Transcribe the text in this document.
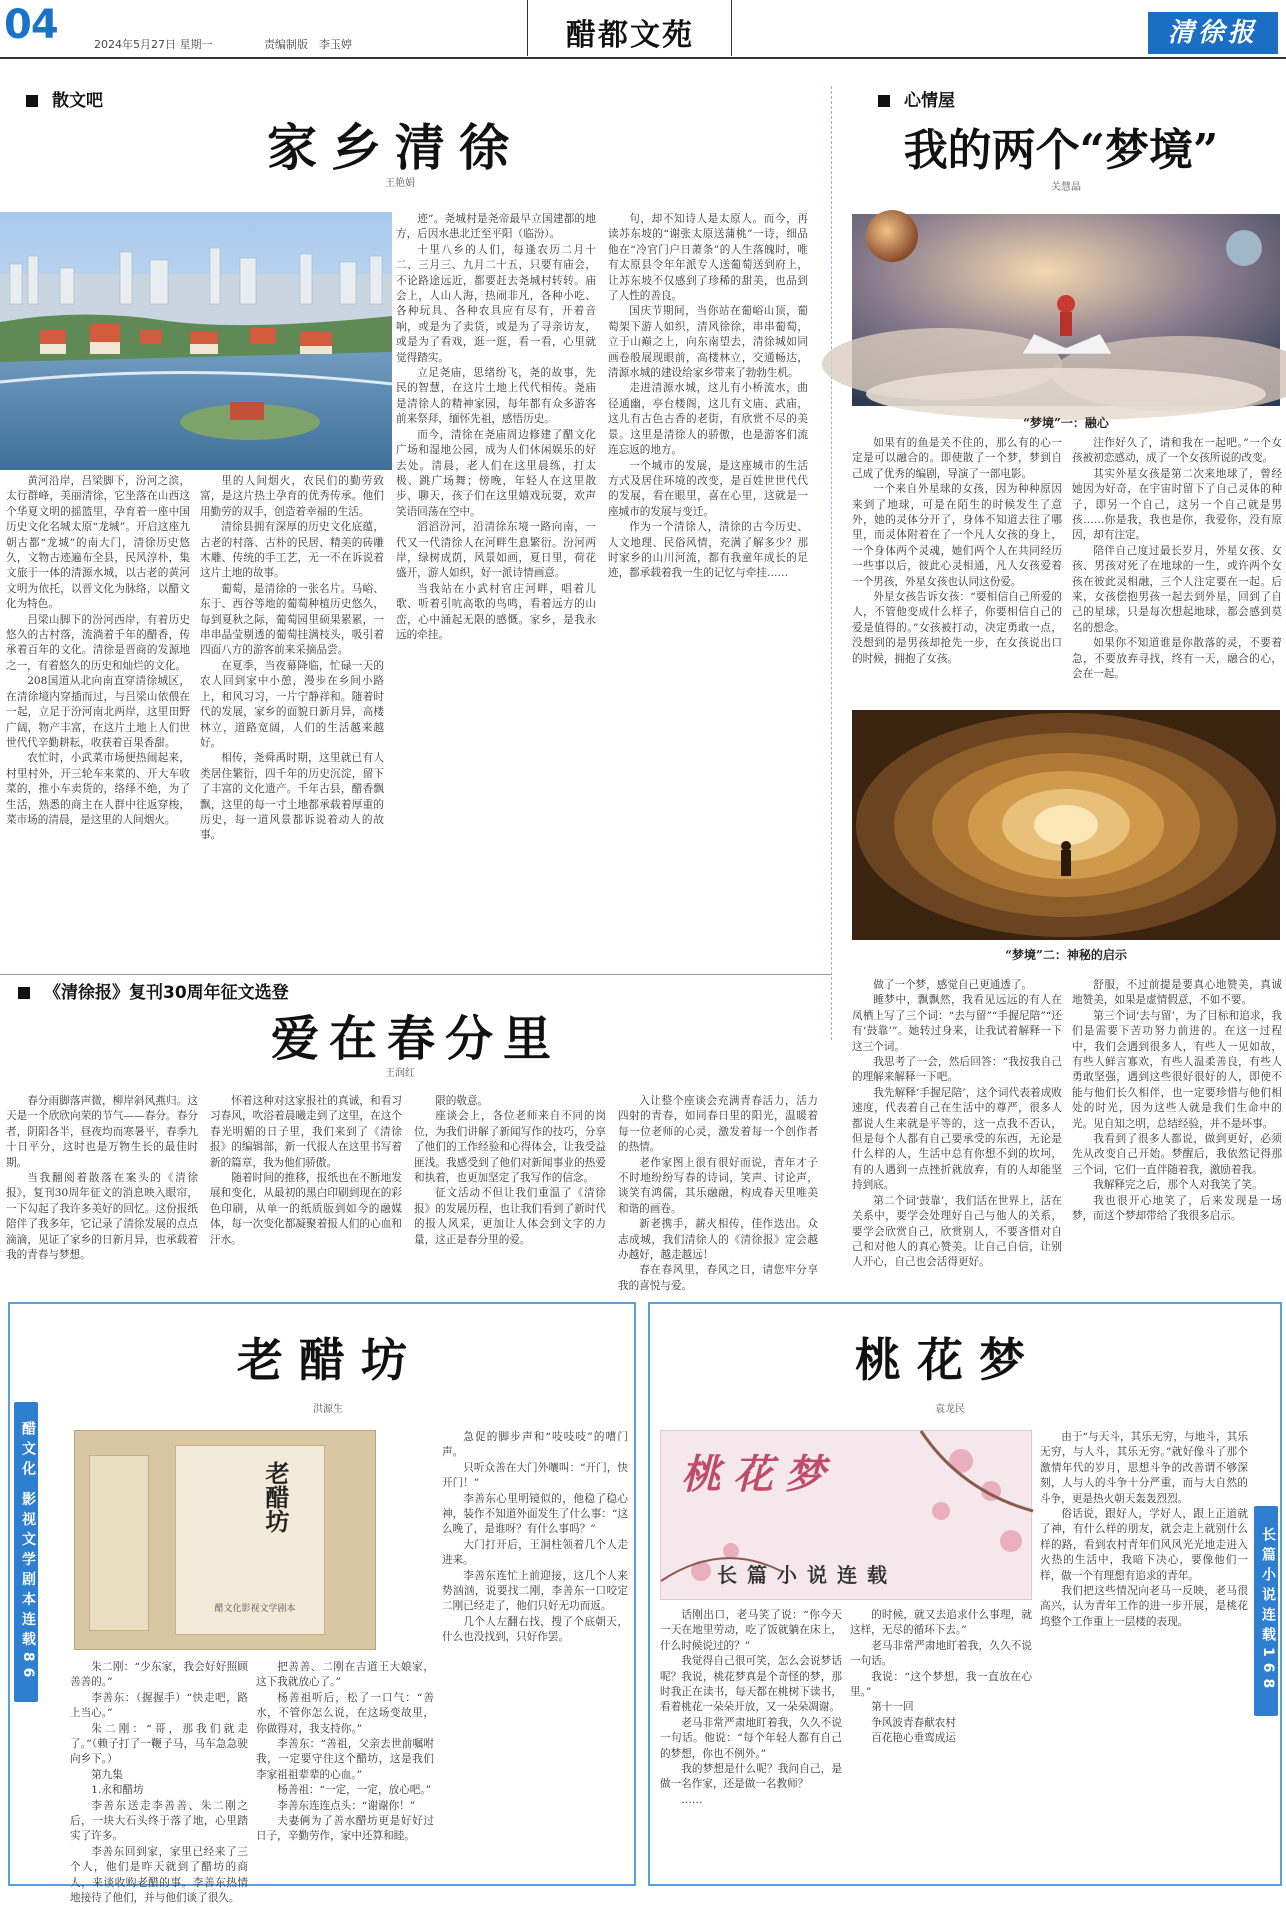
04	2024年5月27日 星期一	责编制版　李玉婷	醋都文苑	清徐报
散文吧
家乡清徐
王艳娟

黄河沿岸，吕梁脚下，汾河之滨，太行群峰，美丽清徐，它坐落在山西这个华夏文明的摇篮里，孕育着一座中国历史文化名城太原“龙城”。开启这座九朝古都“龙城”的南大门，清徐历史悠久，文物古迹遍布全县，民风淳朴，集文旅于一体的清源水城，以古老的黄河文明为依托，以晋文化为脉络，以醋文化为特色。

吕梁山脚下的汾河西岸，有着历史悠久的古村落，流淌着千年的醋香，传承着百年的文化。清徐是晋商的发源地之一，有着悠久的历史和灿烂的文化。

208国道从北向南直穿清徐城区，在清徐境内穿插而过，与吕梁山依偎在一起，立足于汾河南北两岸，这里田野广阔，物产丰富，在这片土地上人们世世代代辛勤耕耘，收获着百果香甜。

农忙时，小武菜市场便热闹起来，村里村外，开三轮车来菜的、开大车收菜的，推小车卖货的，络绎不绝，为了生活，熟悉的商主在人群中往返穿梭，菜市场的清晨，是这里的人间烟火。

里的人间烟火，农民们的勤劳致富，是这片热土孕育的优秀传承。他们用勤劳的双手，创造着幸福的生活。

清徐县拥有深厚的历史文化底蕴，古老的村落、古朴的民居、精美的砖雕木雕、传统的手工艺，无一不在诉说着这片土地的故事。

葡萄，是清徐的一张名片。马峪、东于、西谷等地的葡萄种植历史悠久，每到夏秋之际，葡萄园里硕果累累，一串串晶莹剔透的葡萄挂满枝头，吸引着四面八方的游客前来采摘品尝。

在夏季，当夜幕降临，忙碌一天的农人回到家中小憩，漫步在乡间小路上，和风习习，一片宁静祥和。随着时代的发展，家乡的面貌日新月异，高楼林立，道路宽阔，人们的生活越来越好。

相传，尧舜禹时期，这里就已有人类居住繁衍，四千年的历史沉淀，留下了丰富的文化遗产。千年古县，醋香飘飘，这里的每一寸土地都承载着厚重的历史，每一道风景都诉说着动人的故事。

迹”。尧城村是尧帝最早立国建都的地方，后因水患北迁至平阳（临汾）。

十里八乡的人们，每逢农历二月十二、三月三、九月二十五，只要有庙会，不论路途远近，都要赶去尧城村转转。庙会上，人山人海，热闹非凡，各种小吃、各种玩具、各种农具应有尽有，开着音响，或是为了卖货，或是为了寻亲访友，或是为了看戏，逛一逛，看一看，心里就觉得踏实。

立足尧庙，思绪纷飞，尧的故事，先民的智慧，在这片土地上代代相传。尧庙是清徐人的精神家园，每年都有众多游客前来祭拜，缅怀先祖，感悟历史。

而今，清徐在尧庙周边修建了醋文化广场和湿地公园，成为人们休闲娱乐的好去处。清晨，老人们在这里晨练，打太极、跳广场舞；傍晚，年轻人在这里散步、聊天，孩子们在这里嬉戏玩耍，欢声笑语回荡在空中。

滔滔汾河，沿清徐东境一路向南，一代又一代清徐人在河畔生息繁衍。汾河两岸，绿树成荫，风景如画，夏日里，荷花盛开，游人如织，好一派诗情画意。

当我站在小武村官庄河畔，唱着儿歌、听着引吭高歌的鸟鸣，看着远方的山峦，心中涌起无限的感慨。家乡，是我永远的牵挂。

句，却不知诗人是太原人。而今，再读苏东坡的“谢张太原送蒲桃”一诗，细品他在“冷官门户日萧条”的人生落魄时，唯有太原县令年年派专人送葡萄送到府上，让苏东坡不仅感到了珍稀的甜美，也品到了人性的善良。

国庆节期间，当你站在葡峪山顶，葡萄架下游人如织，清风徐徐，串串葡萄，立于山巅之上，向东南望去，清徐城如同画卷般展现眼前，高楼林立，交通畅达，清源水城的建设给家乡带来了勃勃生机。

走进清源水城，这儿有小桥流水，曲径通幽，亭台楼阁，这儿有文庙、武庙，这儿有古色古香的老街，有欣赏不尽的美景。这里是清徐人的骄傲，也是游客们流连忘返的地方。

一个城市的发展，是这座城市的生活方式及居住环境的改变，是百姓世世代代的发展，看在眼里，喜在心里，这就是一座城市的发展与变迁。

作为一个清徐人，清徐的古今历史、人文地理、民俗风情，充满了解多少？那时家乡的山川河流，都有我童年成长的足迹，都承载着我一生的记忆与牵挂……

心情屋
我的两个“梦境”
关慧晶
“梦境”一：融心

如果有的鱼是关不住的，那么有的心一定是可以融合的。即使散了一个梦，梦到自己成了优秀的编剧，导演了一部电影。

一个来自外星球的女孩，因为种种原因来到了地球，可是在陌生的时候发生了意外，她的灵体分开了，身体不知道去往了哪里，而灵体附着在了一个凡人女孩的身上，一个身体两个灵魂，她们两个人在共同经历一些事以后，彼此心灵相通，凡人女孩爱着一个男孩，外星女孩也认同这份爱。

外星女孩告诉女孩：“要相信自己所爱的人，不管他变成什么样子，你要相信自己的爱是值得的。”女孩被打动，决定勇敢一点，没想到的是男孩却抢先一步，在女孩说出口的时候，拥抱了女孩。

注作好久了，请和我在一起吧。”一个女孩被初恋感动，成了一个女孩所说的改变。

其实外星女孩是第二次来地球了，曾经她因为好奇，在宇宙时留下了自己灵体的种子，即另一个自己，这另一个自己就是男孩……你是我，我也是你，我爱你，没有原因，却有注定。

陪伴自己度过最长岁月，外星女孩、女孩、男孩对死了在地球的一生，或许两个女孩在彼此灵相融，三个人注定要在一起。后来，女孩偿抱男孩一起去到外星，回到了自己的星球，只是每次想起地球，都会感到莫名的想念。

如果你不知道谁是你散落的灵，不要着急，不要放弃寻找，终有一天，融合的心，会在一起。

“梦境”二：神秘的启示

做了一个梦，感觉自己更通透了。

睡梦中，飘飘然，我看见远远的有人在凤栖上写了三个词：“去与留”“手握尼陪”“还有‘鼓靠’”。她转过身来，让我试着解释一下这三个词。

我思考了一会，然后回答：“我按我自己的理解来解释一下吧。

我先解释‘手握尼陪’，这个词代表着成败速度，代表着自己在生活中的尊严，很多人都说人生来就是平等的，这一点我不否认，但是每个人都有自己要承受的东西，无论是什么样的人，生活中总有你想不到的坎坷，有的人遇到一点挫折就放弃，有的人却能坚持到底。

第二个词‘鼓靠’，我们活在世界上，活在关系中，要学会处理好自己与他人的关系，要学会欣赏自己，欣赏别人，不要吝惜对自己和对他人的真心赞美。让自己自信，让别人开心，自己也会活得更好。

舒服，不过前提是要真心地赞美，真诚地赞美，如果是虚情假意，不如不要。

第三个词‘去与留’，为了目标和追求，我们是需要下苦功努力前进的。在这一过程中，我们会遇到很多人，有些人一见如故，有些人鲜言寡欢，有些人温柔善良，有些人勇敢坚强，遇到这些很好很好的人，即使不能与他们长久相伴，也一定要珍惜与他们相处的时光，因为这些人就是我们生命中的光。见自知之明，总结经验，并不是坏事。

我看到了很多人都说，做到更好，必须先从改变自己开始。梦醒后，我依然记得那三个词，它们一直伴随着我，激励着我。

我解释完之后，那个人对我笑了笑。

我也很开心地笑了，后来发现是一场梦，而这个梦却带给了我很多启示。

《清徐报》复刊30周年征文选登
爱在春分里
王润红

春分雨脚落声微，柳岸斜风燕归。这天是一个欣欣向荣的节气——春分。春分者，阴阳各半，昼夜均而寒暑平，春季九十日平分，这时也是万物生长的最佳时期。

当我翻阅着散落在案头的《清徐报》，复刊30周年征文的消息映入眼帘，一下勾起了我许多美好的回忆。这份报纸陪伴了我多年，它记录了清徐发展的点点滴滴，见证了家乡的日新月异，也承载着我的青春与梦想。

怀着这种对这家报社的真诚，和看习习春风，吹浴着晨曦走到了这里，在这个春光明媚的日子里，我们来到了《清徐报》的编辑部，新一代报人在这里书写着新的篇章，我为他们骄傲。

随着时间的推移，报纸也在不断地发展和变化，从最初的黑白印刷到现在的彩色印刷，从单一的纸质版到如今的融媒体，每一次变化都凝聚着报人们的心血和汗水。

限的敬意。

座谈会上，各位老师来自不同的岗位，为我们讲解了新闻写作的技巧，分享了他们的工作经验和心得体会，让我受益匪浅。我感受到了他们对新闻事业的热爱和执着，也更加坚定了我写作的信念。

征文活动不但让我们重温了《清徐报》的发展历程，也让我们看到了新时代的报人风采，更加让人体会到文字的力量，这正是春分里的爱。

入让整个座谈会充满青春活力，活力四射的青春，如同春日里的阳光，温暖着每一位老师的心灵，激发着每一个创作者的热情。

老作家图上很有很好而说，青年才子不时地纷纷写春的诗词，笑声、讨论声，谈笑有鸿儒，其乐融融，构成春天里唯美和谐的画卷。

新老携手，薪火相传，佳作迭出。众志成城，我们清徐人的《清徐报》定会越办越好，越走越远！

春在春风里，春风之日，请您牢分享我的喜悦与爱。

醋文化 影视文学剧本连载86
老醋坊
洪源生
老醋坊
醋文化影视文学剧本

朱二刚：“少东家，我会好好照顾善善的。”

李善东：（握握手）“快走吧，路上当心。”

朱二刚：“哥，那我们就走了。”（赖子打了一鞭子马，马车急急驶向乡下。）

第九集

1.永和醋坊

李善东送走李善善、朱二刚之后，一块大石头终于落了地，心里踏实了许多。

李善东回到家，家里已经来了三个人，他们是昨天就到了醋坊的商人，来谈收购老醋的事。李善东热情地接待了他们，并与他们谈了很久。

把善善、二刚在吉道王大娘家，这下我就放心了。”

杨善祖听后，松了一口气：“善水，不管你怎么说，在这场变故里，你做得对，我支持你。”

李善东：“善祖，父亲去世前嘱咐我，一定要守住这个醋坊，这是我们李家祖祖辈辈的心血。”

杨善祖：“一定，一定，放心吧。”

李善东连连点头：“谢谢你！”

夫妻俩为了善水醋坊更是好好过日子，辛勤劳作，家中还算和睦。

急促的脚步声和“吱吱吱”的嘈门声。

只听众善在大门外嚷叫：“开门，快开门！”

李善东心里明镜似的，他稳了稳心神，装作不知道外面发生了什么事：“这么晚了，是谁呀？有什么事吗？”

大门打开后，王洞柱领着几个人走进来。

李善东连忙上前迎接，这几个人来势汹汹，说要找二刚，李善东一口咬定二刚已经走了，他们只好无功而返。

几个人左翻右找，搜了个底朝天，什么也没找到，只好作罢。	长篇小说连载168
桃花梦
袁龙民
桃花梦
长篇小说连载

话刚出口，老马笑了说：“你今天一天在地里劳动，吃了饭就躺在床上，什么时候说过的？”

我觉得自己很可笑，怎么会说梦话呢？我说，桃花梦真是个奇怪的梦，那时我正在读书，每天都在桃树下读书，看着桃花一朵朵开放，又一朵朵凋谢。

老马非常严肃地盯着我，久久不说一句话。他说：“每个年轻人都有自己的梦想，你也不例外。”

我的梦想是什么呢？我问自己，是做一名作家，还是做一名教师？

……

的时候，就又去追求什么事理，就这样，无尽的循环下去。”

老马非常严肃地盯着我，久久不说一句话。

我说：“这个梦想，我一直放在心里。”

第十一回

争风波青春献农村

百花艳心垂鸾成运

由于“与天斗，其乐无穷，与地斗，其乐无穷，与人斗，其乐无穷。”就好像斗了那个激情年代的岁月，思想斗争的改善谓不够深刻，人与人的斗争十分严重，而与大自然的斗争，更是热火朝天轰轰烈烈。

俗话说，跟好人，学好人，跟上正道就了神，有什么样的朋友，就会走上就别什么样的路，看到农村青年们风风光光地走进入火热的生活中，我暗下决心，要像他们一样，做一个有理想有追求的青年。

我们把这些情况向老马一反映，老马很高兴，认为青年工作的进一步开展，是桃花坞整个工作重上一层楼的表现。
